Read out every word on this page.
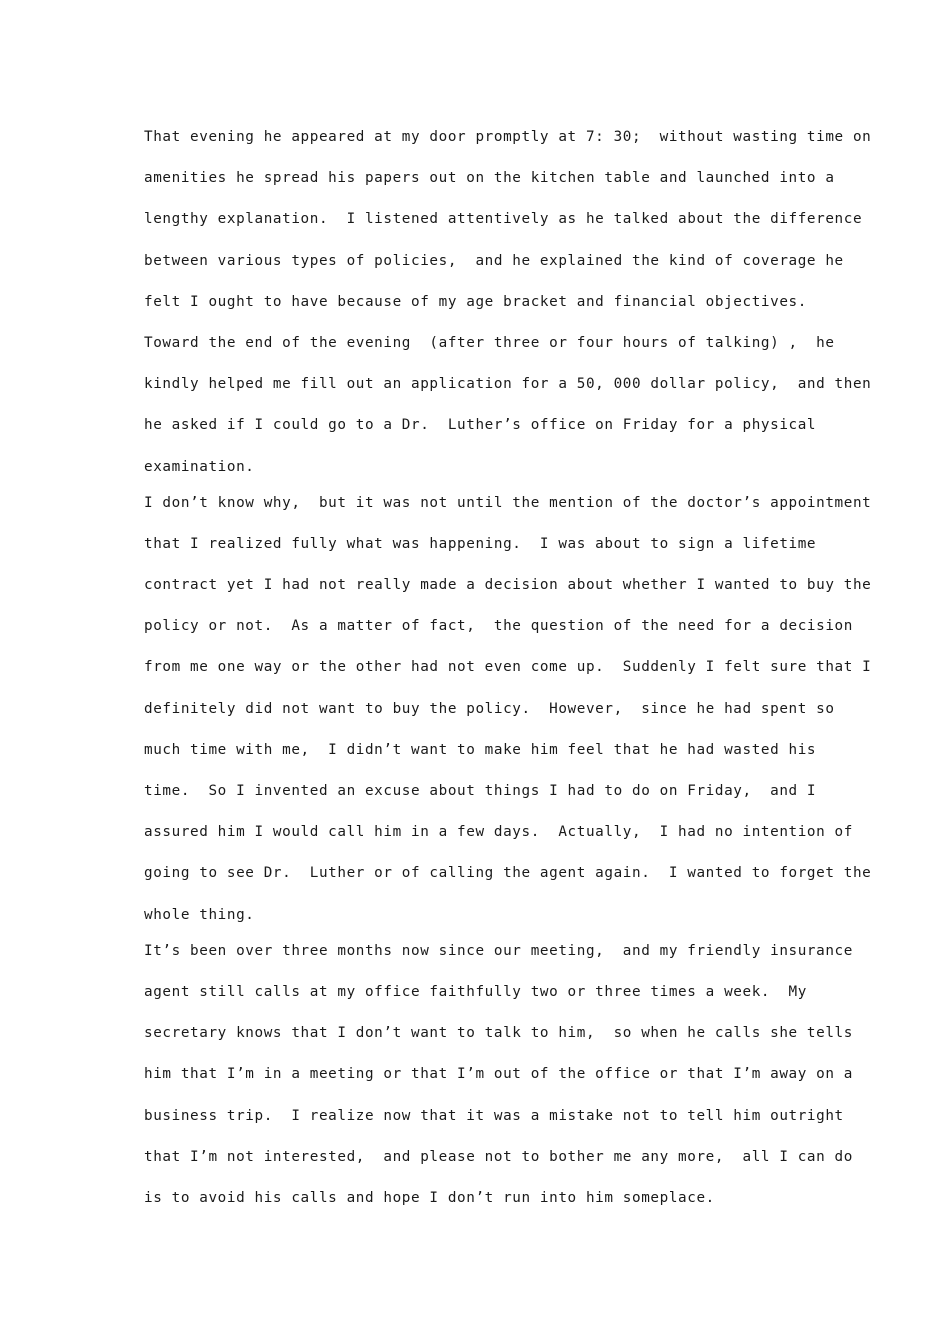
That evening he appeared at my door promptly at 7: 30;  without wasting time on
amenities he spread his papers out on the kitchen table and launched into a
lengthy explanation.  I listened attentively as he talked about the difference
between various types of policies,  and he explained the kind of coverage he
felt I ought to have because of my age bracket and financial objectives.
Toward the end of the evening  (after three or four hours of talking) ,  he
kindly helped me fill out an application for a 50, 000 dollar policy,  and then
he asked if I could go to a Dr.  Luther’s office on Friday for a physical
examination.

I don’t know why,  but it was not until the mention of the doctor’s appointment
that I realized fully what was happening.  I was about to sign a lifetime
contract yet I had not really made a decision about whether I wanted to buy the
policy or not.  As a matter of fact,  the question of the need for a decision
from me one way or the other had not even come up.  Suddenly I felt sure that I
definitely did not want to buy the policy.  However,  since he had spent so
much time with me,  I didn’t want to make him feel that he had wasted his
time.  So I invented an excuse about things I had to do on Friday,  and I
assured him I would call him in a few days.  Actually,  I had no intention of
going to see Dr.  Luther or of calling the agent again.  I wanted to forget the
whole thing.

It’s been over three months now since our meeting,  and my friendly insurance
agent still calls at my office faithfully two or three times a week.  My
secretary knows that I don’t want to talk to him,  so when he calls she tells
him that I’m in a meeting or that I’m out of the office or that I’m away on a
business trip.  I realize now that it was a mistake not to tell him outright
that I’m not interested,  and please not to bother me any more,  all I can do
is to avoid his calls and hope I don’t run into him someplace.
